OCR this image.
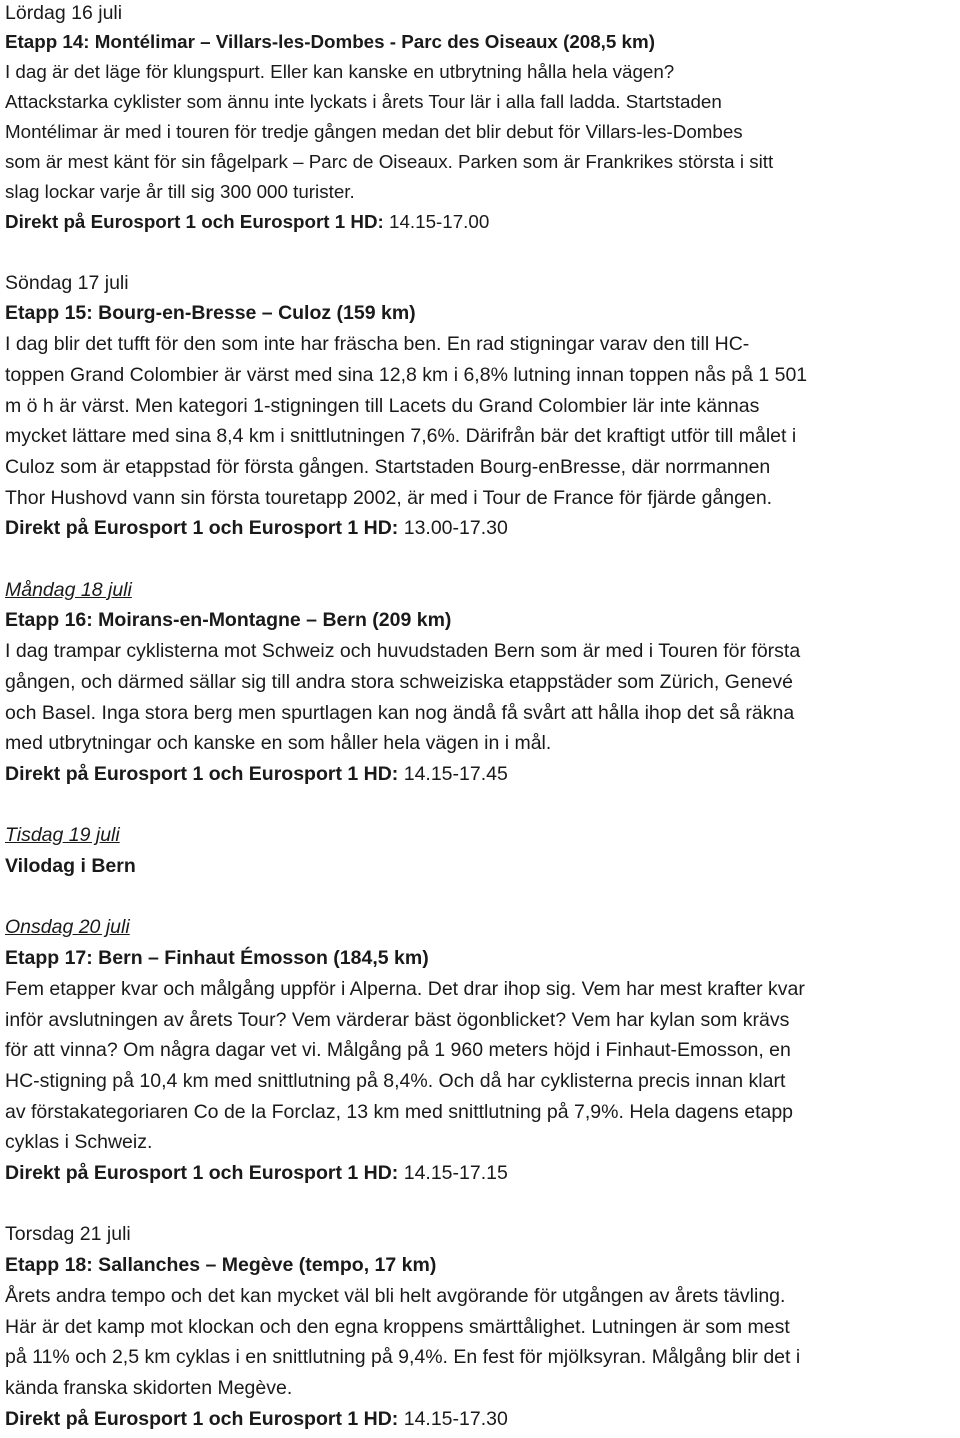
Lördag 16 juli
Etapp 14: Montélimar – Villars-les-Dombes - Parc des Oiseaux (208,5 km)
I dag är det läge för klungspurt. Eller kan kanske en utbrytning hålla hela vägen?
Attackstarka cyklister som ännu inte lyckats i årets Tour lär i alla fall ladda. Startstaden
Montélimar är med i touren för tredje gången medan det blir debut för Villars-les-Dombes
som är mest känt för sin fågelpark – Parc de Oiseaux. Parken som är Frankrikes största i sitt
slag lockar varje år till sig 300 000 turister.
Direkt på Eurosport 1 och Eurosport 1 HD: 14.15-17.00
Söndag 17 juli
Etapp 15: Bourg-en-Bresse – Culoz (159 km)
I dag blir det tufft för den som inte har fräscha ben. En rad stigningar varav den till HC-
toppen Grand Colombier är värst med sina 12,8 km i 6,8% lutning innan toppen nås på 1 501
m ö h är värst. Men kategori 1-stigningen till Lacets du Grand Colombier lär inte kännas
mycket lättare med sina 8,4 km i snittlutningen 7,6%. Därifrån bär det kraftigt utför till målet i
Culoz som är etappstad för första gången. Startstaden Bourg-enBresse, där norrmannen
Thor Hushovd vann sin första touretapp 2002, är med i Tour de France för fjärde gången.
Direkt på Eurosport 1 och Eurosport 1 HD: 13.00-17.30
Måndag 18 juli
Etapp 16: Moirans-en-Montagne – Bern (209 km)
I dag trampar cyklisterna mot Schweiz och huvudstaden Bern som är med i Touren för första
gången, och därmed sällar sig till andra stora schweiziska etappstäder som Zürich, Genevé
och Basel. Inga stora berg men spurtlagen kan nog ändå få svårt att hålla ihop det så räkna
med utbrytningar och kanske en som håller hela vägen in i mål.
Direkt på Eurosport 1 och Eurosport 1 HD: 14.15-17.45
Tisdag 19 juli
Vilodag i Bern
Onsdag 20 juli
Etapp 17: Bern – Finhaut Émosson (184,5 km)
Fem etapper kvar och målgång uppför i Alperna. Det drar ihop sig. Vem har mest krafter kvar
inför avslutningen av årets Tour? Vem värderar bäst ögonblicket? Vem har kylan som krävs
för att vinna? Om några dagar vet vi. Målgång på 1 960 meters höjd i Finhaut-Emosson, en
HC-stigning på 10,4 km med snittlutning på 8,4%. Och då har cyklisterna precis innan klart
av förstakategoriaren Co de la Forclaz, 13 km med snittlutning på 7,9%. Hela dagens etapp
cyklas i Schweiz.
Direkt på Eurosport 1 och Eurosport 1 HD: 14.15-17.15
Torsdag 21 juli
Etapp 18: Sallanches – Megève (tempo, 17 km)
Årets andra tempo och det kan mycket väl bli helt avgörande för utgången av årets tävling.
Här är det kamp mot klockan och den egna kroppens smärttålighet. Lutningen är som mest
på 11% och 2,5 km cyklas i en snittlutning på 9,4%. En fest för mjölksyran. Målgång blir det i
kända franska skidorten Megève.
Direkt på Eurosport 1 och Eurosport 1 HD: 14.15-17.30
